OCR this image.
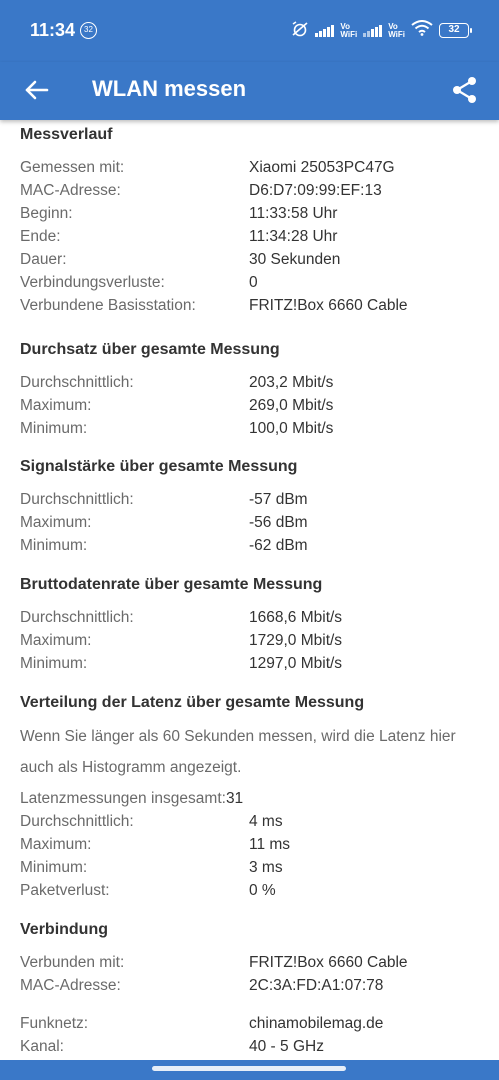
11:34	32	Vo
WiFi
Vo
WiFi	32
WLAN messen
Messverlauf
Gemessen mit:	Xiaomi 25053PC47G
MAC-Adresse:	D6:D7:09:99:EF:13
Beginn:	11:33:58 Uhr
Ende:	11:34:28 Uhr
Dauer:	30 Sekunden
Verbindungsverluste:	0
Verbundene Basisstation:	FRITZ!Box 6660 Cable
Durchsatz über gesamte Messung
Durchschnittlich:	203,2 Mbit/s
Maximum:	269,0 Mbit/s
Minimum:	100,0 Mbit/s
Signalstärke über gesamte Messung
Durchschnittlich:	-57 dBm
Maximum:	-56 dBm
Minimum:	-62 dBm
Bruttodatenrate über gesamte Messung
Durchschnittlich:	1668,6 Mbit/s
Maximum:	1729,0 Mbit/s
Minimum:	1297,0 Mbit/s
Verteilung der Latenz über gesamte Messung
Wenn Sie länger als 60 Sekunden messen, wird die Latenz hier auch als Histogramm angezeigt.
Latenzmessungen insgesamt:31
Durchschnittlich:	4 ms
Maximum:	11 ms
Minimum:	3 ms
Paketverlust:	0 %
Verbindung
Verbunden mit:	FRITZ!Box 6660 Cable
MAC-Adresse:	2C:3A:FD:A1:07:78
Funknetz:	chinamobilemag.de
Kanal:	40 - 5 GHz
